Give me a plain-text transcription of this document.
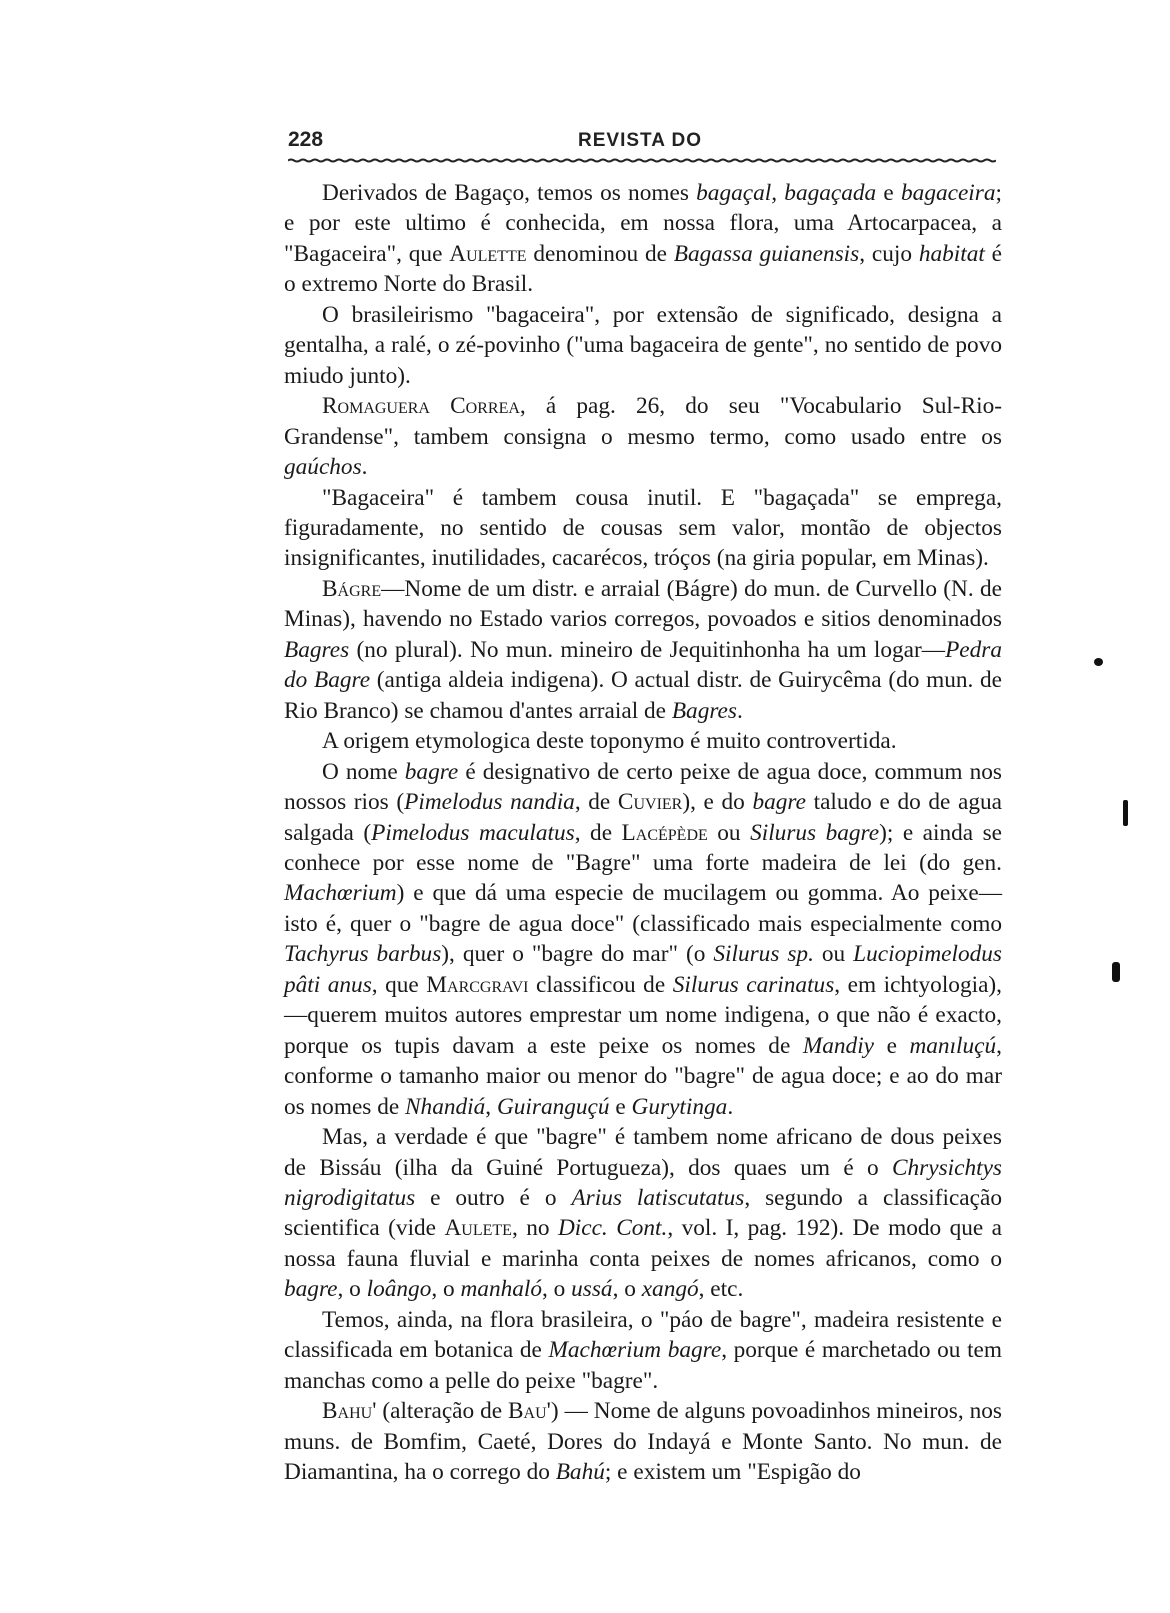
228	REVISTA DO

Derivados de Bagaço, temos os nomes bagaçal, bagaçada e bagaceira; e por este ultimo é conhecida, em nossa flora, uma Artocarpacea, a "Bagaceira", que Aulette denominou de Bagassa guianensis, cujo habitat é o extremo Norte do Brasil.

O brasileirismo "bagaceira", por extensão de significado, designa a gentalha, a ralé, o zé-povinho ("uma bagaceira de gente", no sentido de povo miudo junto).

Romaguera Correa, á pag. 26, do seu "Vocabulario Sul-Rio-Grandense", tambem consigna o mesmo termo, como usado entre os gaúchos.

"Bagaceira" é tambem cousa inutil. E "bagaçada" se emprega, figuradamente, no sentido de cousas sem valor, montão de objectos insignificantes, inutilidades, cacarécos, tróços (na giria popular, em Minas).

Bágre—Nome de um distr. e arraial (Bágre) do mun. de Curvello (N. de Minas), havendo no Estado varios corregos, povoados e sitios denominados Bagres (no plural). No mun. mineiro de Jequitinhonha ha um logar—Pedra do Bagre (antiga aldeia indigena). O actual distr. de Guirycêma (do mun. de Rio Branco) se chamou d'antes arraial de Bagres.

A origem etymologica deste toponymo é muito controvertida.

O nome bagre é designativo de certo peixe de agua doce, commum nos nossos rios (Pimelodus nandia, de Cuvier), e do bagre taludo e do de agua salgada (Pimelodus maculatus, de Lacépède ou Silurus bagre); e ainda se conhece por esse nome de "Bagre" uma forte madeira de lei (do gen. Machœrium) e que dá uma especie de mucilagem ou gomma. Ao peixe—isto é, quer o "bagre de agua doce" (classificado mais especialmente como Tachyrus barbus), quer o "bagre do mar" (o Silurus sp. ou Luciopimelodus pâti anus, que Marcgravi classificou de Silurus carinatus, em ichtyologia),—querem muitos autores emprestar um nome indigena, o que não é exacto, porque os tupis davam a este peixe os nomes de Mandiy e manıluçú, conforme o tamanho maior ou menor do "bagre" de agua doce; e ao do mar os nomes de Nhandiá, Guiranguçú e Gurytinga.

Mas, a verdade é que "bagre" é tambem nome africano de dous peixes de Bissáu (ilha da Guiné Portugueza), dos quaes um é o Chrysichtys nigrodigitatus e outro é o Arius latiscutatus, segundo a classificação scientifica (vide Aulete, no Dicc. Cont., vol. I, pag. 192). De modo que a nossa fauna fluvial e marinha conta peixes de nomes africanos, como o bagre, o loângo, o manhaló, o ussá, o xangó, etc.

Temos, ainda, na flora brasileira, o "páo de bagre", madeira resistente e classificada em botanica de Machœrium bagre, porque é marchetado ou tem manchas como a pelle do peixe "bagre".

Bahu' (alteração de Bau') — Nome de alguns povoadinhos mineiros, nos muns. de Bomfim, Caeté, Dores do Indayá e Monte Santo. No mun. de Diamantina, ha o corrego do Bahú; e existem um "Espigão do
